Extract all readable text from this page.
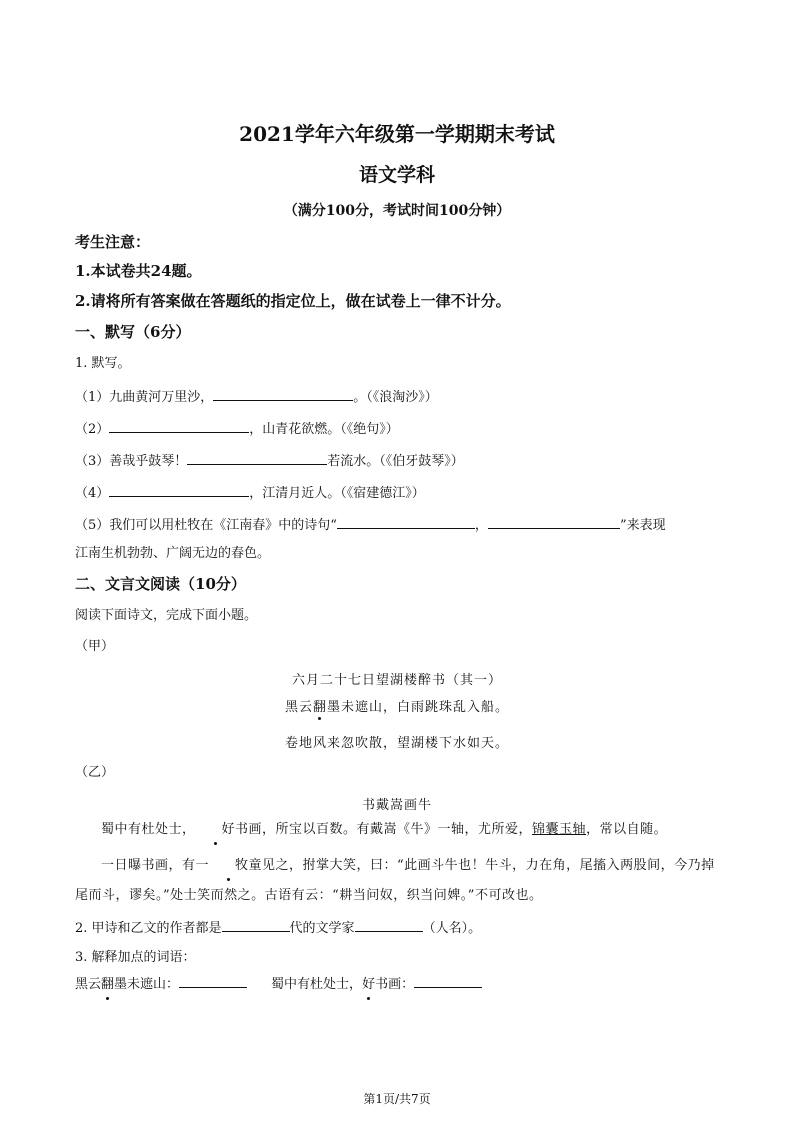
2021学年六年级第一学期期末考试
语文学科
（满分100分，考试时间100分钟）
考生注意：
1.本试卷共24题。
2.请将所有答案做在答题纸的指定位上，做在试卷上一律不计分。
一、默写（6分）
1. 默写。
（1）九曲黄河万里沙，	。（《浪淘沙》）
（2）	，山青花欲燃。（《绝句》）
（3）善哉乎鼓琴！	若流水。（《伯牙鼓琴》）
（4）	，江清月近人。（《宿建德江》）
（5）我们可以用杜牧在《江南春》中的诗句“	，	”来表现
江南生机勃勃、广阔无边的春色。
二、文言文阅读（10分）
阅读下面诗文，完成下面小题。
（甲）
六月二十七日望湖楼醉书（其一）
黑云翻墨未遮山，白雨跳珠乱入船。
卷地风来忽吹散，望湖楼下水如天。
（乙）
书戴嵩画牛
蜀中有杜处士， 好书画，所宝以百数。有戴嵩《牛》一轴，尤所爱，锦囊玉轴，常以自随。
一日曝书画，有一 牧童见之，拊掌大笑，曰：“此画斗牛也！牛斗，力在角，尾搐入两股间，今乃掉
尾而斗，谬矣。”处士笑而然之。古语有云：“耕当问奴，织当问婢。”不可改也。
2. 甲诗和乙文的作者都是	代的文学家	（人名）。
3. 解释加点的词语：
黑云翻墨未遮山：	蜀中有杜处士，好书画：
第1页/共7页
